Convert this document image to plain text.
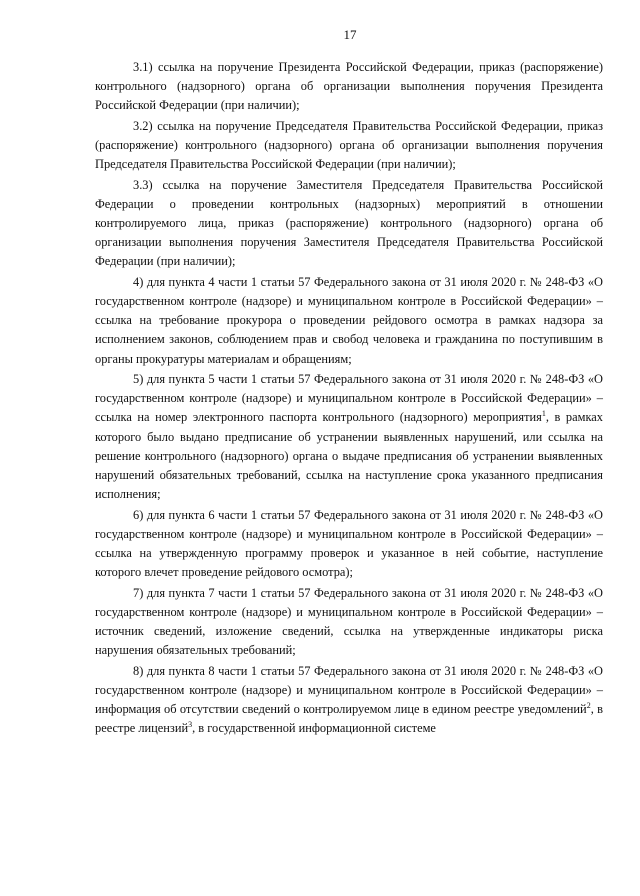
17

3.1) ссылка на поручение Президента Российской Федерации, приказ (распоряжение) контрольного (надзорного) органа об организации выполнения поручения Президента Российской Федерации (при наличии);

3.2) ссылка на поручение Председателя Правительства Российской Федерации, приказ (распоряжение) контрольного (надзорного) органа об организации выполнения поручения Председателя Правительства Российской Федерации (при наличии);

3.3) ссылка на поручение Заместителя Председателя Правительства Российской Федерации о проведении контрольных (надзорных) мероприятий в отношении контролируемого лица, приказ (распоряжение) контрольного (надзорного) органа об организации выполнения поручения Заместителя Председателя Правительства Российской Федерации (при наличии);

4) для пункта 4 части 1 статьи 57 Федерального закона от 31 июля 2020 г. № 248-ФЗ «О государственном контроле (надзоре) и муниципальном контроле в Российской Федерации» – ссылка на требование прокурора о проведении рейдового осмотра в рамках надзора за исполнением законов, соблюдением прав и свобод человека и гражданина по поступившим в органы прокуратуры материалам и обращениям;

5) для пункта 5 части 1 статьи 57 Федерального закона от 31 июля 2020 г. № 248-ФЗ «О государственном контроле (надзоре) и муниципальном контроле в Российской Федерации» – ссылка на номер электронного паспорта контрольного (надзорного) мероприятия$^1$, в рамках которого было выдано предписание об устранении выявленных нарушений, или ссылка на решение контрольного (надзорного) органа о выдаче предписания об устранении выявленных нарушений обязательных требований, ссылка на наступление срока указанного предписания исполнения;

6) для пункта 6 части 1 статьи 57 Федерального закона от 31 июля 2020 г. № 248-ФЗ «О государственном контроле (надзоре) и муниципальном контроле в Российской Федерации» – ссылка на утвержденную программу проверок и указанное в ней событие, наступление которого влечет проведение рейдового осмотра);

7) для пункта 7 части 1 статьи 57 Федерального закона от 31 июля 2020 г. № 248-ФЗ «О государственном контроле (надзоре) и муниципальном контроле в Российской Федерации» – источник сведений, изложение сведений, ссылка на утвержденные индикаторы риска нарушения обязательных требований;

8) для пункта 8 части 1 статьи 57 Федерального закона от 31 июля 2020 г. № 248-ФЗ «О государственном контроле (надзоре) и муниципальном контроле в Российской Федерации» – информация об отсутствии сведений о контролируемом лице в едином реестре уведомлений$^2$, в реестре лицензий$^3$, в государственной информационной системе
